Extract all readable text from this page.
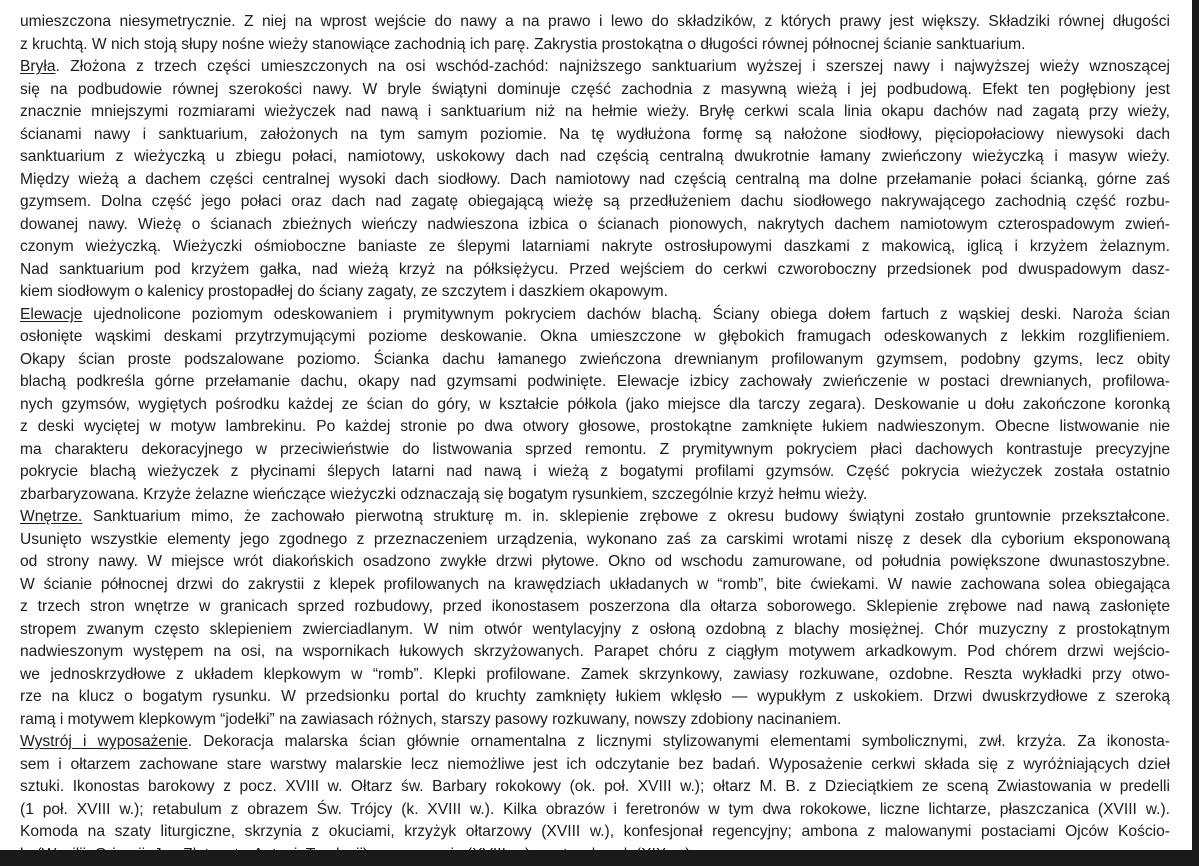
umieszczona niesymetrycznie. Z niej na wprost wejście do nawy a na prawo i lewo do składzików, z których prawy jest większy. Składziki równej długości
z kruchtą. W nich stoją słupy nośne wieży stanowiące zachodnią ich parę. Zakrystia prostokątna o długości równej północnej ścianie sanktuarium.
Bryła. Złożona z trzech części umieszczonych na osi wschód-zachód: najniższego sanktuarium wyższej i szerszej nawy i najwyższej wieży wznoszącej
się na podbudowie równej szerokości nawy. W bryle świątyni dominuje część zachodnia z masywną wieżą i jej podbudową. Efekt ten pogłębiony jest
znacznie mniejszymi rozmiarami wieżyczek nad nawą i sanktuarium niż na hełmie wieży. Bryłę cerkwi scala linia okapu dachów nad zagatą przy wieży,
ścianami nawy i sanktuarium, założonych na tym samym poziomie. Na tę wydłużona formę są nałożone siodłowy, pięciopołaciowy niewysoki dach
sanktuarium z wieżyczką u zbiegu połaci, namiotowy, uskokowy dach nad częścią centralną dwukrotnie łamany zwieńczony wieżyczką i masyw wieży.
Między wieżą a dachem części centralnej wysoki dach siodłowy. Dach namiotowy nad częścią centralną ma dolne przełamanie połaci ścianką, górne zaś
gzymsem. Dolna część jego połaci oraz dach nad zagatę obiegającą wieżę są przedłużeniem dachu siodłowego nakrywającego zachodnią część rozbu-
dowanej nawy. Wieżę o ścianach zbieżnych wieńczy nadwieszona izbica o ścianach pionowych, nakrytych dachem namiotowym czterospadowym zwień-
czonym wieżyczką. Wieżyczki ośmioboczne baniaste ze ślepymi latarniami nakryte ostrosłupowymi daszkami z makowicą, iglicą i krzyżem żelaznym.
Nad sanktuarium pod krzyżem gałka, nad wieżą krzyż na półksiężycu. Przed wejściem do cerkwi czworoboczny przedsionek pod dwuspadowym dasz-
kiem siodłowym o kalenicy prostopadłej do ściany zagaty, ze szczytem i daszkiem okapowym.
Elewacje ujednolicone poziomym odeskowaniem i prymitywnym pokryciem dachów blachą. Ściany obiega dołem fartuch z wąskiej deski. Naroża ścian
osłonięte wąskimi deskami przytrzymującymi poziome deskowanie. Okna umieszczone w głębokich framugach odeskowanych z lekkim rozglifieniem.
Okapy ścian proste podszalowane poziomo. Ścianka dachu łamanego zwieńczona drewnianym profilowanym gzymsem, podobny gzyms, lecz obity
blachą podkreśla górne przełamanie dachu, okapy nad gzymsami podwinięte. Elewacje izbicy zachowały zwieńczenie w postaci drewnianych, profilowa-
nych gzymsów, wygiętych pośrodku każdej ze ścian do góry, w kształcie półkola (jako miejsce dla tarczy zegara). Deskowanie u dołu zakończone koronką
z deski wyciętej w motyw lambrekinu. Po każdej stronie po dwa otwory głosowe, prostokątne zamknięte łukiem nadwieszonym. Obecne listwowanie nie
ma charakteru dekoracyjnego w przeciwieństwie do listwowania sprzed remontu. Z prymitywnym pokryciem płaci dachowych kontrastuje precyzyjne
pokrycie blachą wieżyczek z płycinami ślepych latarni nad nawą i wieżą z bogatymi profilami gzymsów. Część pokrycia wieżyczek została ostatnio
zbarbaryzowana. Krzyże żelazne wieńczące wieżyczki odznaczają się bogatym rysunkiem, szczególnie krzyż hełmu wieży.
Wnętrze. Sanktuarium mimo, że zachowało pierwotną strukturę m. in. sklepienie zrębowe z okresu budowy świątyni zostało gruntownie przekształcone.
Usunięto wszystkie elementy jego zgodnego z przeznaczeniem urządzenia, wykonano zaś za carskimi wrotami niszę z desek dla cyborium eksponowaną
od strony nawy. W miejsce wrót diakońskich osadzono zwykłe drzwi płytowe. Okno od wschodu zamurowane, od południa powiększone dwunastoszybne.
W ścianie północnej drzwi do zakrystii z klepek profilowanych na krawędziach układanych w “romb”, bite ćwiekami. W nawie zachowana solea obiegająca
z trzech stron wnętrze w granicach sprzed rozbudowy, przed ikonostasem poszerzona dla ołtarza soborowego. Sklepienie zrębowe nad nawą zasłonięte
stropem zwanym często sklepieniem zwierciadlanym. W nim otwór wentylacyjny z osłoną ozdobną z blachy mosiężnej. Chór muzyczny z prostokątnym
nadwieszonym występem na osi, na wspornikach łukowych skrzyżowanych. Parapet chóru z ciągłym motywem arkadkowym. Pod chórem drzwi wejścio-
we jednoskrzydłowe z układem klepkowym w “romb”. Klepki profilowane. Zamek skrzynkowy, zawiasy rozkuwane, ozdobne. Reszta wykładki przy otwo-
rze na klucz o bogatym rysunku. W przedsionku portal do kruchty zamknięty łukiem wklęsło — wypukłym z uskokiem. Drzwi dwuskrzydłowe z szeroką
ramą i motywem klepkowym “jodełki” na zawiasach różnych, starszy pasowy rozkuwany, nowszy zdobiony nacinaniem.
Wystrój i wyposażenie. Dekoracja malarska ścian głównie ornamentalna z licznymi stylizowanymi elementami symbolicznymi, zwł. krzyża. Za ikonosta-
sem i ołtarzem zachowane stare warstwy malarskie lecz niemożliwe jest ich odczytanie bez badań. Wyposażenie cerkwi składa się z wyróżniających dzieł
sztuki. Ikonostas barokowy z pocz. XVIII w. Ołtarz św. Barbary rokokowy (ok. poł. XVIII w.); ołtarz M. B. z Dzieciątkiem ze sceną Zwiastowania w predelli
(1 poł. XVIII w.); retabulum z obrazem Św. Trójcy (k. XVIII w.). Kilka obrazów i feretronów w tym dwa rokokowe, liczne lichtarze, płaszczanica (XVIII w.).
Komoda na szaty liturgiczne, skrzynia z okuciami, krzyżyk ołtarzowy (XVIII w.), konfesjonał regencyjny; ambona z malowanymi postaciami Ojców Kościo-
